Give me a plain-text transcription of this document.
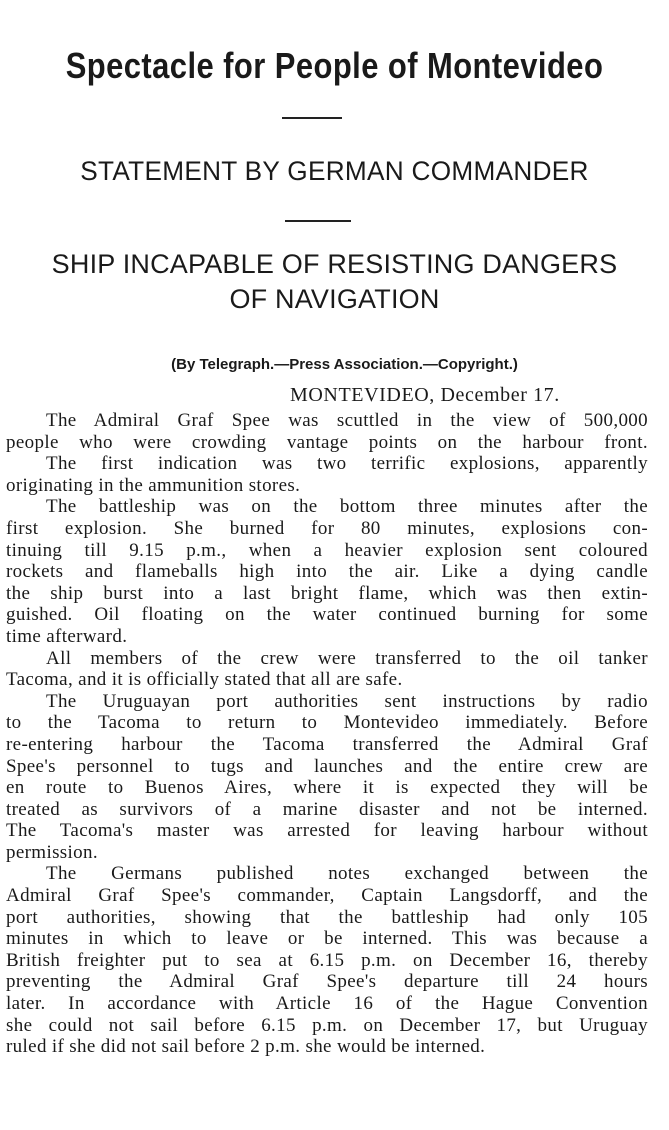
Spectacle for People of Montevideo
STATEMENT BY GERMAN COMMANDER
SHIP INCAPABLE OF RESISTING DANGERS
OF NAVIGATION
(By Telegraph.—Press Association.—Copyright.)
MONTEVIDEO, December 17.
The Admiral Graf Spee was scuttled in the view of 500,000
people who were crowding vantage points on the harbour front.
The first indication was two terrific explosions, apparently
originating in the ammunition stores.
The battleship was on the bottom three minutes after the
first explosion. She burned for 80 minutes, explosions con-
tinuing till 9.15 p.m., when a heavier explosion sent coloured
rockets and flameballs high into the air. Like a dying candle
the ship burst into a last bright flame, which was then extin-
guished. Oil floating on the water continued burning for some
time afterward.
All members of the crew were transferred to the oil tanker
Tacoma, and it is officially stated that all are safe.
The Uruguayan port authorities sent instructions by radio
to the Tacoma to return to Montevideo immediately. Before
re-entering harbour the Tacoma transferred the Admiral Graf
Spee's personnel to tugs and launches and the entire crew are
en route to Buenos Aires, where it is expected they will be
treated as survivors of a marine disaster and not be interned.
The Tacoma's master was arrested for leaving harbour without
permission.
The Germans published notes exchanged between the
Admiral Graf Spee's commander, Captain Langsdorff, and the
port authorities, showing that the battleship had only 105
minutes in which to leave or be interned. This was because a
British freighter put to sea at 6.15 p.m. on December 16, thereby
preventing the Admiral Graf Spee's departure till 24 hours
later. In accordance with Article 16 of the Hague Convention
she could not sail before 6.15 p.m. on December 17, but Uruguay
ruled if she did not sail before 2 p.m. she would be interned.
